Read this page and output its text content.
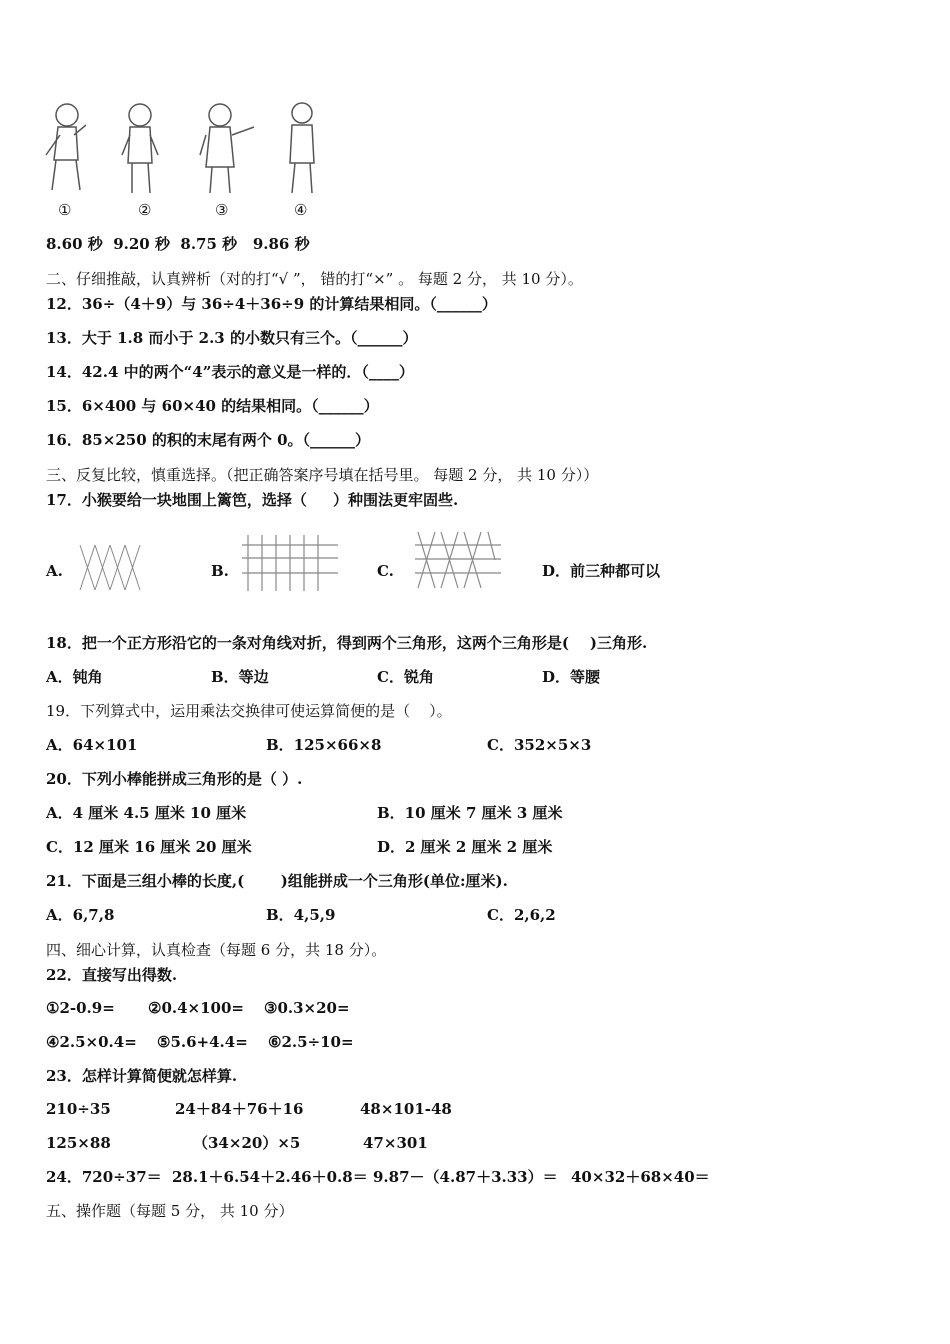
①	②	③	④
8.60 秒  9.20 秒  8.75 秒   9.86 秒
二、仔细推敲，认真辨析（对的打“√ ”， 错的打“×” 。 每题 2 分， 共 10 分）。
12．36÷（4＋9）与 36÷4＋36÷9 的计算结果相同。（______）
13．大于 1.8 而小于 2.3 的小数只有三个。（______）
14．42.4 中的两个“4”表示的意义是一样的．（____）
15．6×400 与 60×40 的结果相同。（______）
16．85×250 的积的末尾有两个 0。（______）
三、反复比较，慎重选择。（把正确答案序号填在括号里。 每题 2 分， 共 10 分））
17．小猴要给一块地围上篱笆，选择（     ）种围法更牢固些.
A.	B.	C.	D．前三种都可以
18．把一个正方形沿它的一条对角线对折，得到两个三角形，这两个三角形是(    )三角形.
A．钝角	B．等边	C．锐角	D．等腰
19．下列算式中，运用乘法交换律可使运算简便的是（    ）。
A．64×101	B．125×66×8	C．352×5×3
20．下列小棒能拼成三角形的是（ ）.
A．4 厘米 4.5 厘米 10 厘米	B．10 厘米 7 厘米 3 厘米
C．12 厘米 16 厘米 20 厘米	D．2 厘米 2 厘米 2 厘米
21．下面是三组小棒的长度,(       )组能拼成一个三角形(单位:厘米).
A．6,7,8	B．4,5,9	C．2,6,2
四、细心计算，认真检查（每题 6 分，共 18 分）。
22．直接写出得数.
①2-0.9= ②0.4×100= ③0.3×20=
④2.5×0.4= ⑤5.6+4.4= ⑥2.5÷10=
23．怎样计算简便就怎样算.
210÷35	24＋84＋76＋16	48×101-48
125×88	（34×20）×5	47×301
24．720÷37＝ 28.1＋6.54＋2.46＋0.8＝ 9.87－（4.87＋3.33）＝ 40×32＋68×40＝
五、操作题（每题 5 分， 共 10 分）
